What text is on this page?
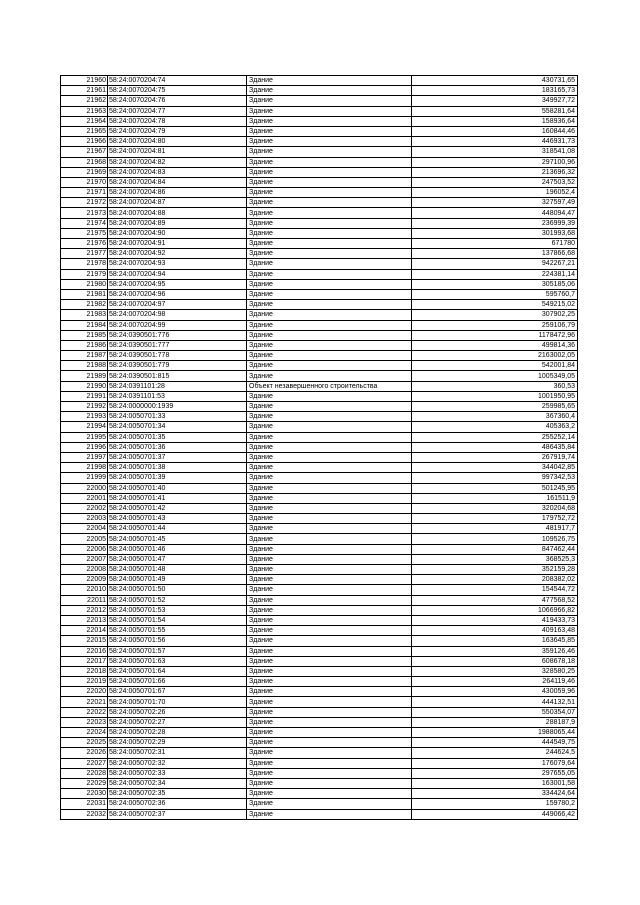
21960	58:24:0070204:74	Здание	430731,65
21961	58:24:0070204:75	Здание	183165,73
21962	58:24:0070204:76	Здание	349927,72
21963	58:24:0070204:77	Здание	558281,64
21964	58:24:0070204:78	Здание	158936,64
21965	58:24:0070204:79	Здание	160844,46
21966	58:24:0070204:80	Здание	446931,73
21967	58:24:0070204:81	Здание	318541,08
21968	58:24:0070204:82	Здание	297100,96
21969	58:24:0070204:83	Здание	213696,32
21970	58:24:0070204:84	Здание	247503,52
21971	58:24:0070204:86	Здание	196052,4
21972	58:24:0070204:87	Здание	327597,49
21973	58:24:0070204:88	Здание	448094,47
21974	58:24:0070204:89	Здание	236999,39
21975	58:24:0070204:90	Здание	301993,68
21976	58:24:0070204:91	Здание	671780
21977	58:24:0070204:92	Здание	137866,68
21978	58:24:0070204:93	Здание	942267,21
21979	58:24:0070204:94	Здание	224381,14
21980	58:24:0070204:95	Здание	305185,06
21981	58:24:0070204:96	Здание	595760,7
21982	58:24:0070204:97	Здание	549215,02
21983	58:24:0070204:98	Здание	307902,25
21984	58:24:0070204:99	Здание	259106,79
21985	58:24:0390501:776	Здание	1178472,96
21986	58:24:0390501:777	Здание	499814,36
21987	58:24:0390501:778	Здание	2163002,05
21988	58:24:0390501:779	Здание	542001,84
21989	58:24:0390501:815	Здание	1005349,05
21990	58:24:0391101:28	Объект незавершенного строительства	360,53
21991	58:24:0391101:53	Здание	1001950,95
21992	58:24:0000000:1939	Здание	259985,65
21993	58:24:0050701:33	Здание	367360,4
21994	58:24:0050701:34	Здание	405363,2
21995	58:24:0050701:35	Здание	255252,14
21996	58:24:0050701:36	Здание	486435,84
21997	58:24:0050701:37	Здание	267919,74
21998	58:24:0050701:38	Здание	344042,85
21999	58:24:0050701:39	Здание	997342,53
22000	58:24:0050701:40	Здание	501245,95
22001	58:24:0050701:41	Здание	161511,9
22002	58:24:0050701:42	Здание	320204,68
22003	58:24:0050701:43	Здание	179752,72
22004	58:24:0050701:44	Здание	481917,7
22005	58:24:0050701:45	Здание	109526,75
22006	58:24:0050701:46	Здание	847462,44
22007	58:24:0050701:47	Здание	368525,3
22008	58:24:0050701:48	Здание	352159,28
22009	58:24:0050701:49	Здание	208382,02
22010	58:24:0050701:50	Здание	154544,72
22011	58:24:0050701:52	Здание	477568,52
22012	58:24:0050701:53	Здание	1066966,82
22013	58:24:0050701:54	Здание	419433,73
22014	58:24:0050701:55	Здание	409163,48
22015	58:24:0050701:56	Здание	163645,85
22016	58:24:0050701:57	Здание	359126,46
22017	58:24:0050701:63	Здание	608678,18
22018	58:24:0050701:64	Здание	328580,25
22019	58:24:0050701:66	Здание	264119,46
22020	58:24:0050701:67	Здание	430059,96
22021	58:24:0050701:70	Здание	444132,51
22022	58:24:0050702:26	Здание	550354,07
22023	58:24:0050702:27	Здание	288187,9
22024	58:24:0050702:28	Здание	1988065,44
22025	58:24:0050702:29	Здание	444549,75
22026	58:24:0050702:31	Здание	244624,5
22027	58:24:0050702:32	Здание	176079,64
22028	58:24:0050702:33	Здание	297655,05
22029	58:24:0050702:34	Здание	163001,58
22030	58:24:0050702:35	Здание	334424,64
22031	58:24:0050702:36	Здание	159780,2
22032	58:24:0050702:37	Здание	449066,42
